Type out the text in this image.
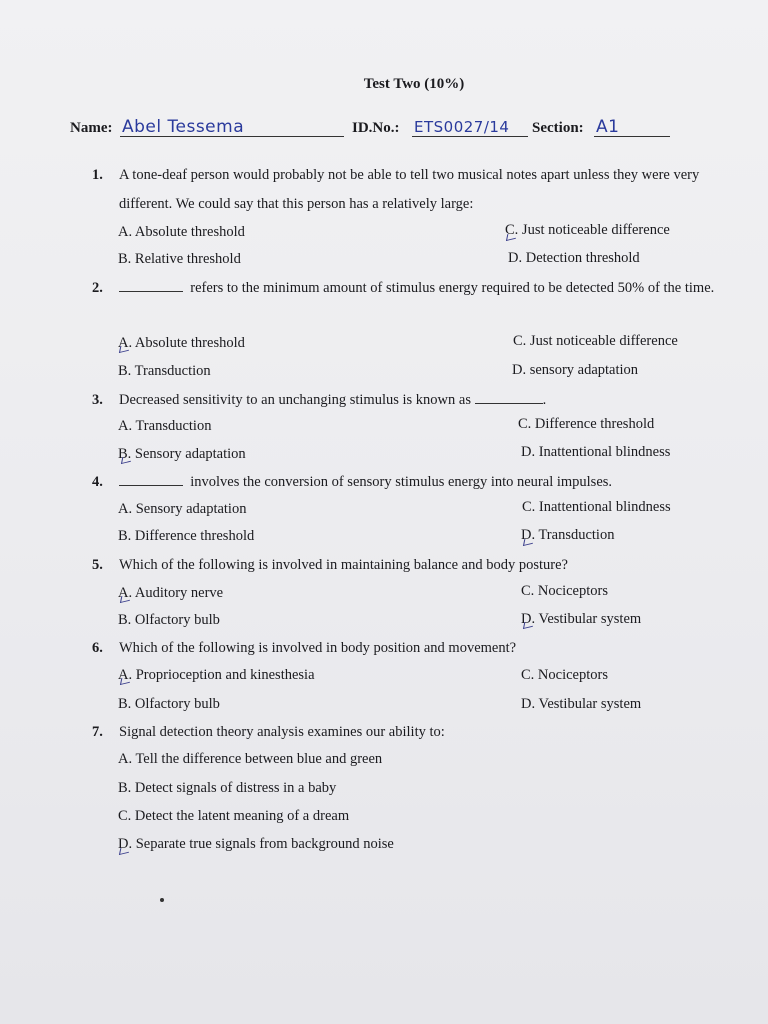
Test Two (10%)
Name: Abel Tessema	ID.No.: ETS0027/14	Section: A1
1. A tone-deaf person would probably not be able to tell two musical notes apart unless they were very different. We could say that this person has a relatively large:
A. Absolute threshold
B. Relative threshold
C. Just noticeable difference
D. Detection threshold
2.	refers to the minimum amount of stimulus energy required to be detected 50% of the time.
A. Absolute threshold
B. Transduction
C. Just noticeable difference
D. sensory adaptation
3. Decreased sensitivity to an unchanging stimulus is known as	.
A. Transduction
B. Sensory adaptation
C. Difference threshold
D. Inattentional blindness
4.	involves the conversion of sensory stimulus energy into neural impulses.
A. Sensory adaptation
B. Difference threshold
C. Inattentional blindness
D. Transduction
5. Which of the following is involved in maintaining balance and body posture?
A. Auditory nerve
B. Olfactory bulb
C. Nociceptors
D. Vestibular system
6. Which of the following is involved in body position and movement?
A. Proprioception and kinesthesia
B. Olfactory bulb
C. Nociceptors
D. Vestibular system
7. Signal detection theory analysis examines our ability to:
A. Tell the difference between blue and green
B. Detect signals of distress in a baby
C. Detect the latent meaning of a dream
D. Separate true signals from background noise
